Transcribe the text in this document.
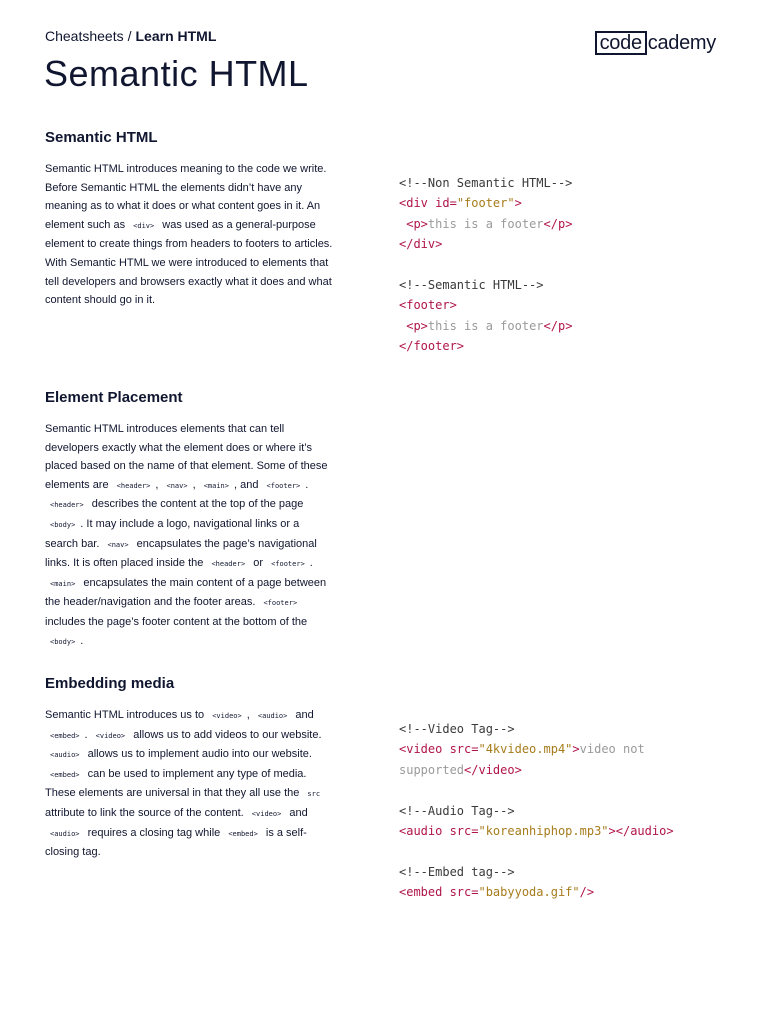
Cheatsheets / Learn HTML	code cademy
Semantic HTML
Semantic HTML

Semantic HTML introduces meaning to the code we write. Before Semantic HTML the elements didn’t have any meaning as to what it does or what content goes in it. An element such as <div> was used as a general-purpose element to create things from headers to footers to articles. With Semantic HTML we were introduced to elements that tell developers and browsers exactly what it does and what content should go in it.

<!--Non Semantic HTML-->
<div id="footer">
<p>this is a footer</p>
</div>
<!--Semantic HTML-->
<footer>
<p>this is a footer</p>
</footer>
Element Placement

Semantic HTML introduces elements that can tell developers exactly what the element does or where it’s placed based on the name of that element. Some of these elements are <header> , <nav> , <main> , and <footer> . <header> describes the content at the top of the page <body> . It may include a logo, navigational links or a search bar. <nav> encapsulates the page’s navigational links. It is often placed inside the <header> or <footer> . <main> encapsulates the main content of a page between the header/navigation and the footer areas. <footer> includes the page’s footer content at the bottom of the <body> .

Embedding media

Semantic HTML introduces us to <video> , <audio> and <embed> . <video> allows us to add videos to our website. <audio> allows us to implement audio into our website. <embed> can be used to implement any type of media. These elements are universal in that they all use the src attribute to link the source of the content. <video> and <audio> requires a closing tag while <embed> is a self-closing tag.

<!--Video Tag-->
<video src="4kvideo.mp4">video not
supported</video>
<!--Audio Tag-->
<audio src="koreanhiphop.mp3"></audio>
<!--Embed tag-->
<embed src="babyyoda.gif"/>
